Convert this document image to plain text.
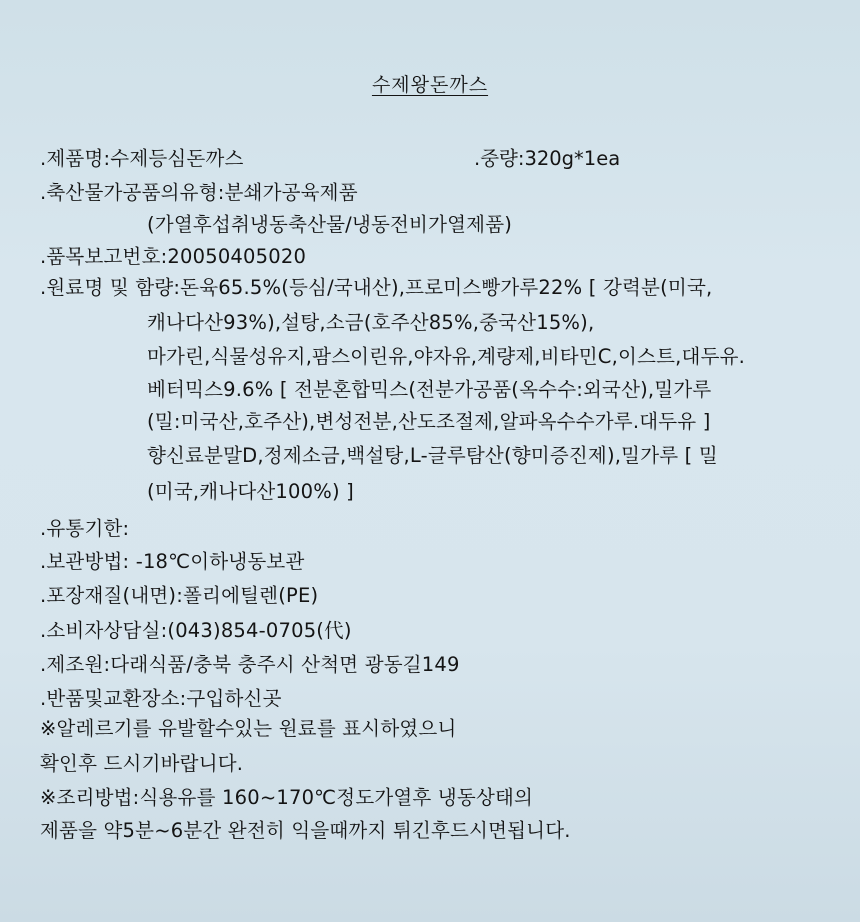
수제왕돈까스
.제품명:수제등심돈까스	.중량:320g*1ea
.축산물가공품의유형:분쇄가공육제품
(가열후섭취냉동축산물/냉동전비가열제품)
.품목보고번호:20050405020
.원료명 및 함량:돈육65.5%(등심/국내산),프로미스빵가루22% [ 강력분(미국,
캐나다산93%),설탕,소금(호주산85%,중국산15%),
마가린,식물성유지,팜스이린유,야자유,계량제,비타민C,이스트,대두유.
베터믹스9.6% [ 전분혼합믹스(전분가공품(옥수수:외국산),밀가루
(밀:미국산,호주산),변성전분,산도조절제,알파옥수수가루.대두유 ]
향신료분말D,정제소금,백설탕,L-글루탐산(향미증진제),밀가루 [ 밀
(미국,캐나다산100%) ]
.유통기한:
.보관방법: -18℃이하냉동보관
.포장재질(내면):폴리에틸렌(PE)
.소비자상담실:(043)854-0705(代)
.제조원:다래식품/충북 충주시 산척면 광동길149
.반품및교환장소:구입하신곳
※알레르기를 유발할수있는 원료를 표시하였으니
확인후 드시기바랍니다.
※조리방법:식용유를 160~170℃정도가열후 냉동상태의
제품을 약5분~6분간 완전히 익을때까지 튀긴후드시면됩니다.
